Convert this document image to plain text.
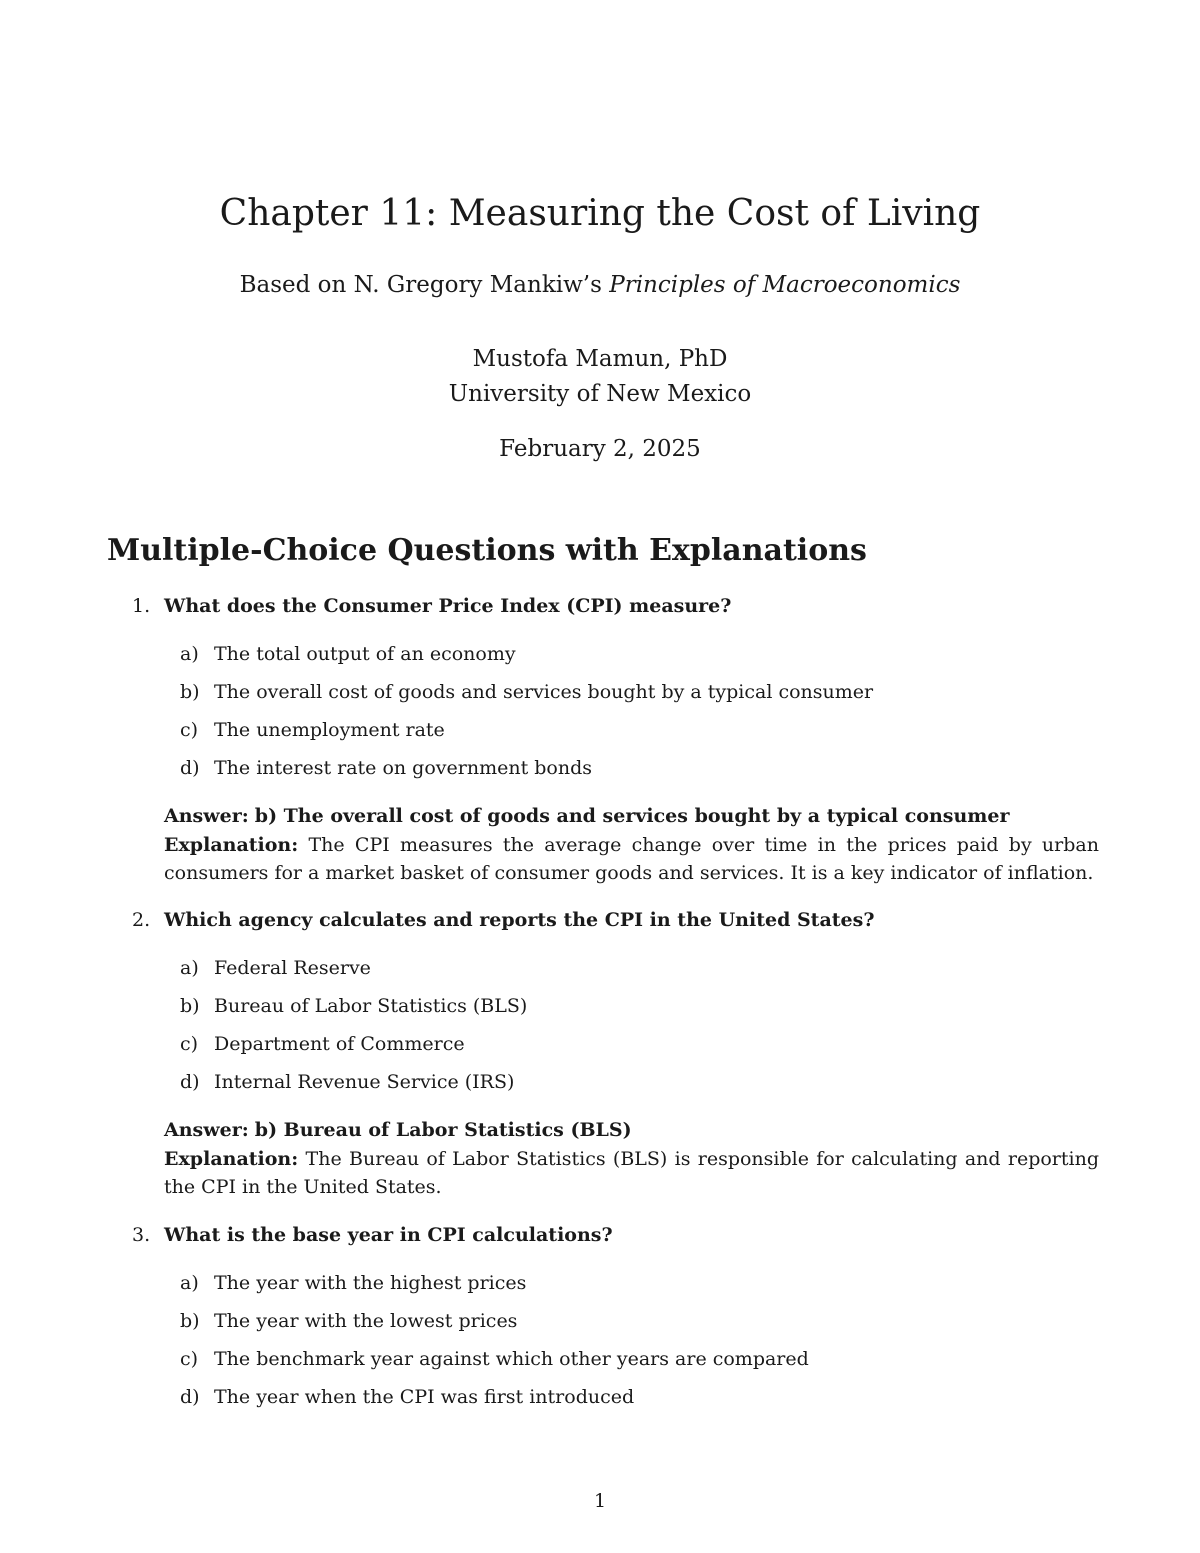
Chapter 11: Measuring the Cost of Living

Based on N. Gregory Mankiw’s Principles of Macroeconomics

Mustofa Mamun, PhD
University of New Mexico
February 2, 2025
Multiple-Choice Questions with Explanations
1. What does the Consumer Price Index (CPI) measure?
a) The total output of an economy
b) The overall cost of goods and services bought by a typical consumer
c) The unemployment rate
d) The interest rate on government bonds
Answer: b) The overall cost of goods and services bought by a typical consumer
Explanation: The CPI measures the average change over time in the prices paid by urban consumers for a market basket of consumer goods and services. It is a key indicator of inflation.
2. Which agency calculates and reports the CPI in the United States?
a) Federal Reserve
b) Bureau of Labor Statistics (BLS)
c) Department of Commerce
d) Internal Revenue Service (IRS)
Answer: b) Bureau of Labor Statistics (BLS)
Explanation: The Bureau of Labor Statistics (BLS) is responsible for calculating and reporting the CPI in the United States.
3. What is the base year in CPI calculations?
a) The year with the highest prices
b) The year with the lowest prices
c) The benchmark year against which other years are compared
d) The year when the CPI was first introduced
1
